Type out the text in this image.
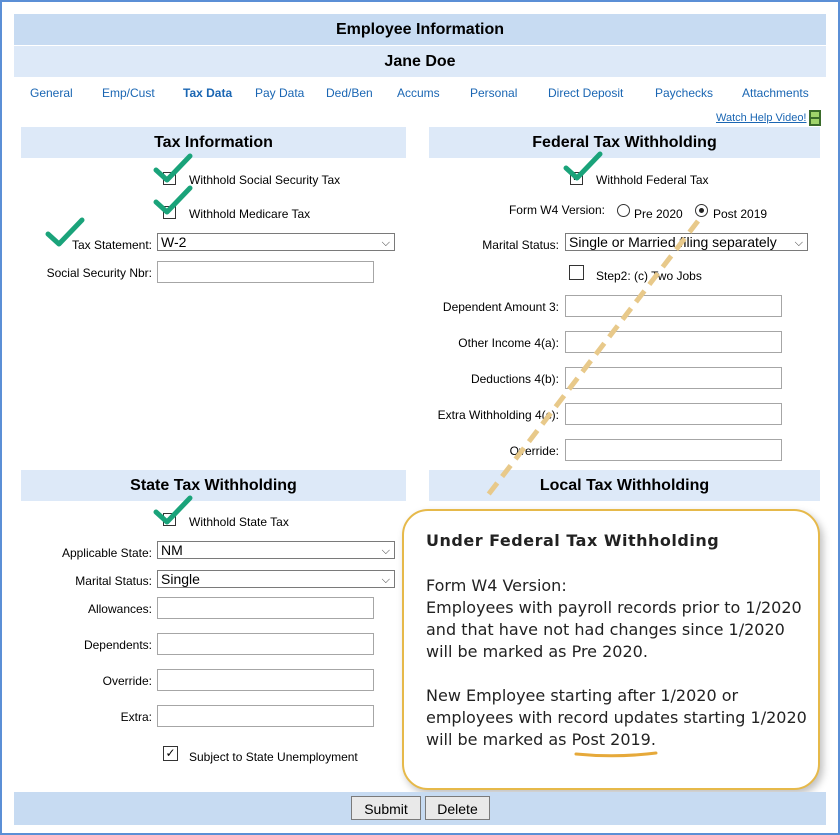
Employee Information
Jane Doe
General Emp/Cust Tax Data Pay Data Ded/Ben Accums	Personal	Direct Deposit	Paychecks Attachments
Watch Help Video!
Tax Information
✓ Withhold Social Security Tax
✓ Withhold Medicare Tax
Tax Statement: W-2	⌵
Social Security Nbr:
Federal Tax Withholding
✓ Withhold Federal Tax
Form W4 Version: Pre 2020	Post 2019
Marital Status: Single or Married filing separately ⌵
Step2: (c) Two Jobs
Dependent Amount 3:
Other Income 4(a):
Deductions 4(b):
Extra Withholding 4(c):
Override:
State Tax Withholding
✓ Withhold State Tax
Applicable State: NM	⌵
Marital Status: Single	⌵
Allowances:
Dependents:
Override:
Extra:
✓ Subject to State Unemployment
Local Tax Withholding
Under Federal Tax Withholding
Form W4 Version:
Employees with payroll records prior to 1/2020
and that have not had changes since 1/2020
will be marked as Pre 2020.
New Employee starting after 1/2020 or
employees with record updates starting 1/2020
will be marked as Post 2019.
Submit	Delete
